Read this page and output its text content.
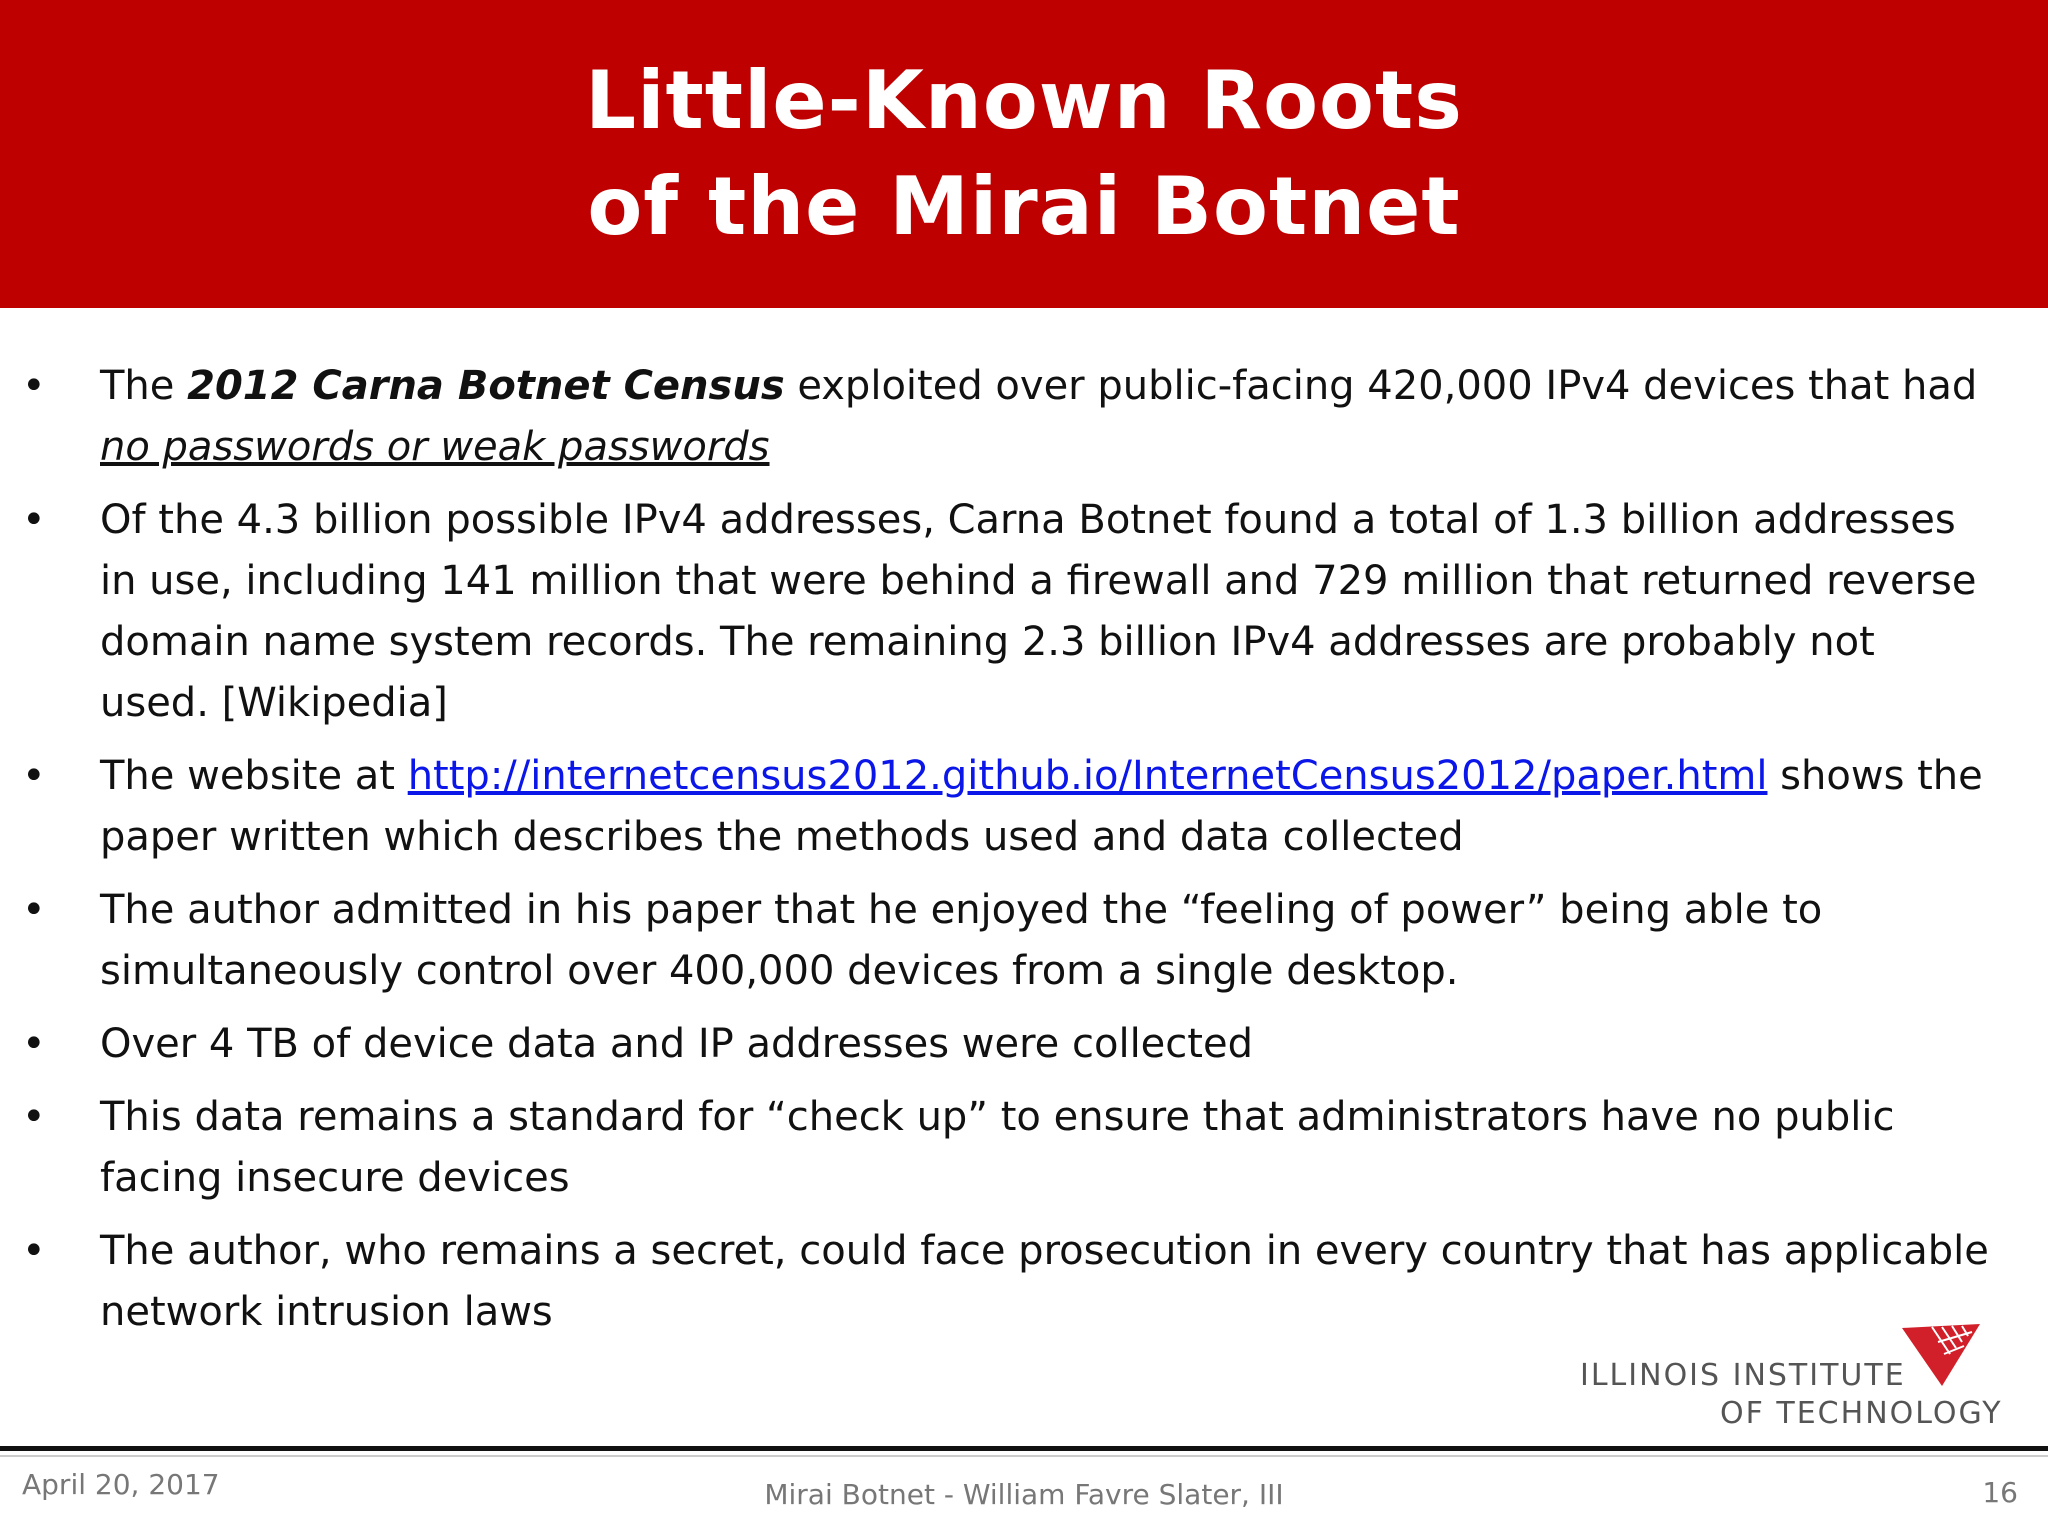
Little-Known Roots
of the Mirai Botnet
• The 2012 Carna Botnet Census exploited over public-facing 420,000 IPv4 devices that had no passwords or weak passwords
• Of the 4.3 billion possible IPv4 addresses, Carna Botnet found a total of 1.3 billion addresses in use, including 141 million that were behind a firewall and 729 million that returned reverse domain name system records. The remaining 2.3 billion IPv4 addresses are probably not used. [Wikipedia]
• The website at http://internetcensus2012.github.io/InternetCensus2012/paper.html shows the paper written which describes the methods used and data collected
• The author admitted in his paper that he enjoyed the “feeling of power” being able to simultaneously control over 400,000 devices from a single desktop.
• Over 4 TB of device data and IP addresses were collected
• This data remains a standard for “check up” to ensure that administrators have no public facing insecure devices
• The author, who remains a secret, could face prosecution in every country that has applicable network intrusion laws
ILLINOIS INSTITUTE
OF TECHNOLOGY
April 20, 2017	Mirai Botnet - William Favre Slater, III	16
